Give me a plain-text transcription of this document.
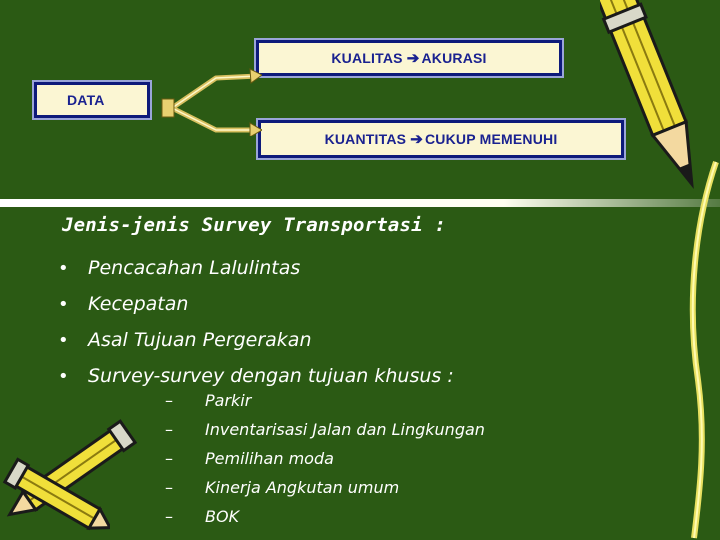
KUALITAS ➔ AKURASI
DATA
KUANTITAS ➔ CUKUP MEMENUHI
Jenis-jenis Survey Transportasi :
•	Pencacahan Lalulintas
•	Kecepatan
•	Asal Tujuan Pergerakan
•	Survey-survey dengan tujuan khusus :
–	Parkir
–	Inventarisasi Jalan dan Lingkungan
–	Pemilihan moda
–	Kinerja Angkutan umum
–	BOK
